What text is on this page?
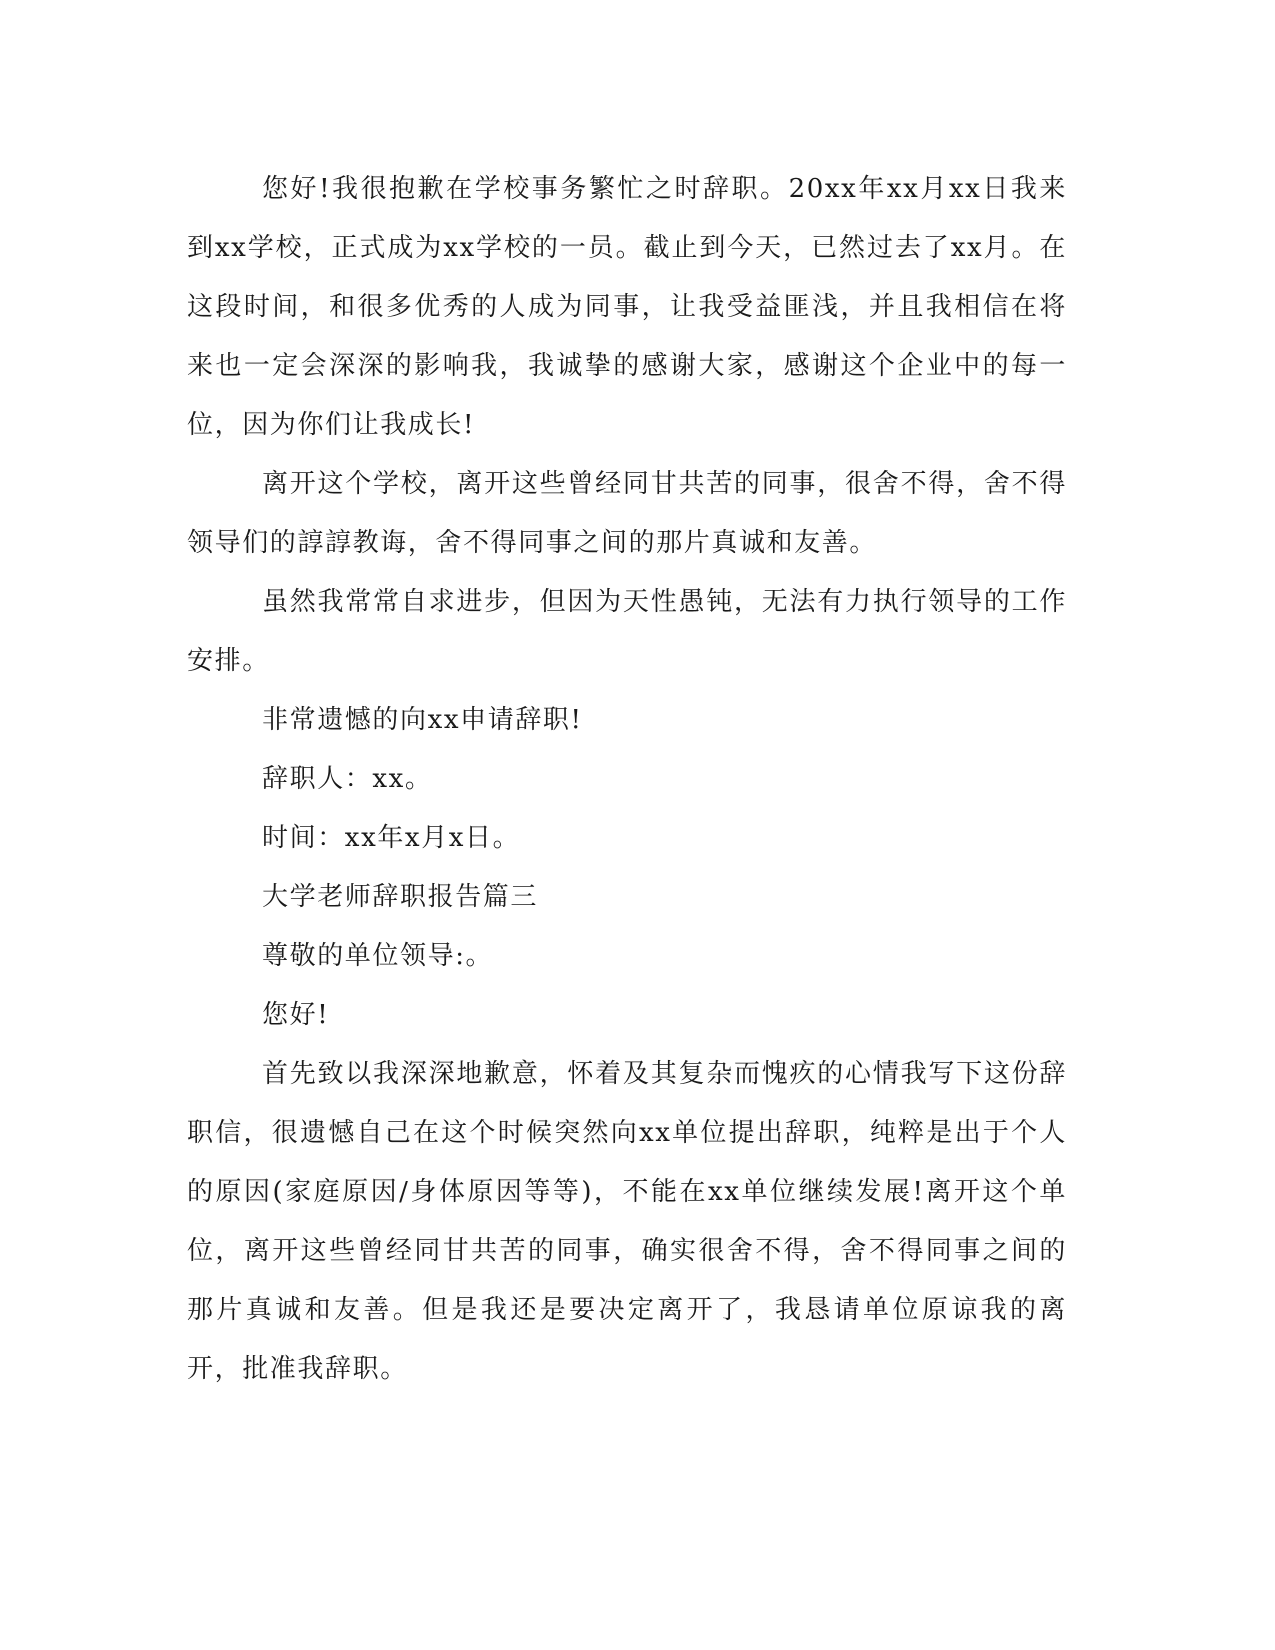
您好!我很抱歉在学校事务繁忙之时辞职。20xx年xx月xx日我来到xx学校，正式成为xx学校的一员。截止到今天，已然过去了xx月。在这段时间，和很多优秀的人成为同事，让我受益匪浅，并且我相信在将来也一定会深深的影响我，我诚挚的感谢大家，感谢这个企业中的每一位，因为你们让我成长!

离开这个学校，离开这些曾经同甘共苦的同事，很舍不得，舍不得领导们的諄諄教诲，舍不得同事之间的那片真诚和友善。

虽然我常常自求进步，但因为天性愚钝，无法有力执行领导的工作安排。

非常遗憾的向xx申请辞职!

辞职人：xx。

时间：xx年x月x日。

大学老师辞职报告篇三

尊敬的单位领导:。

您好!

首先致以我深深地歉意，怀着及其复杂而愧疚的心情我写下这份辞职信，很遗憾自己在这个时候突然向xx单位提出辞职，纯粹是出于个人的原因(家庭原因/身体原因等等)，不能在xx单位继续发展!离开这个单位，离开这些曾经同甘共苦的同事，确实很舍不得，舍不得同事之间的那片真诚和友善。但是我还是要决定离开了，我恳请单位原谅我的离开，批准我辞职。
